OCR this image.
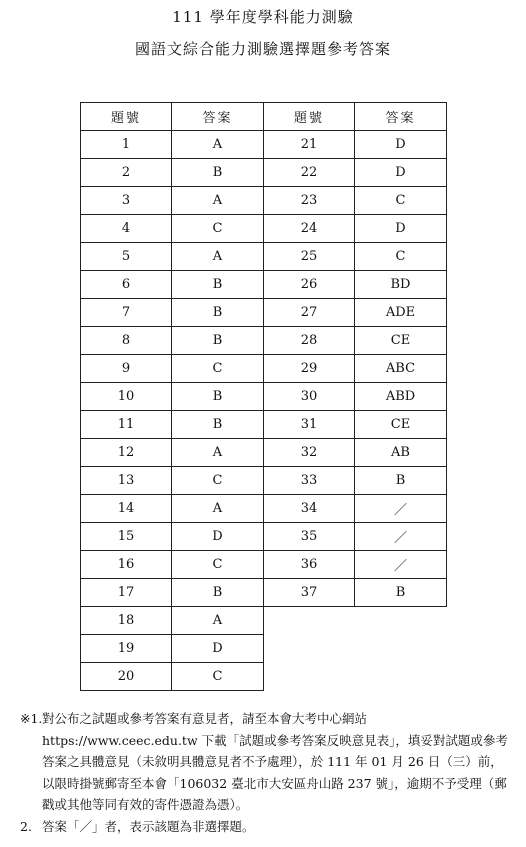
111 學年度學科能力測驗
國語文綜合能力測驗選擇題參考答案
題號	答案	題號	答案
1	A	21	D
2	B	22	D
3	A	23	C
4	C	24	D
5	A	25	C
6	B	26	BD
7	B	27	ADE
8	B	28	CE
9	C	29	ABC
10	B	30	ABD
11	B	31	CE
12	A	32	AB
13	C	33	B
14	A	34	／
15	D	35	／
16	C	36	／
17	B	37	B
18	A		
19	D		
20	C		
※1. 對公布之試題或參考答案有意見者，請至本會大考中心網站 https://www.ceec.edu.tw 下載「試題或參考答案反映意見表」，填妥對試題或參考答案之具體意見（未敘明具體意見者不予處理），於 111 年 01 月 26 日（三）前，以限時掛號郵寄至本會「106032 臺北市大安區舟山路 237 號」，逾期不予受理（郵戳或其他等同有效的寄件憑證為憑）。
2. 答案「／」者，表示該題為非選擇題。
